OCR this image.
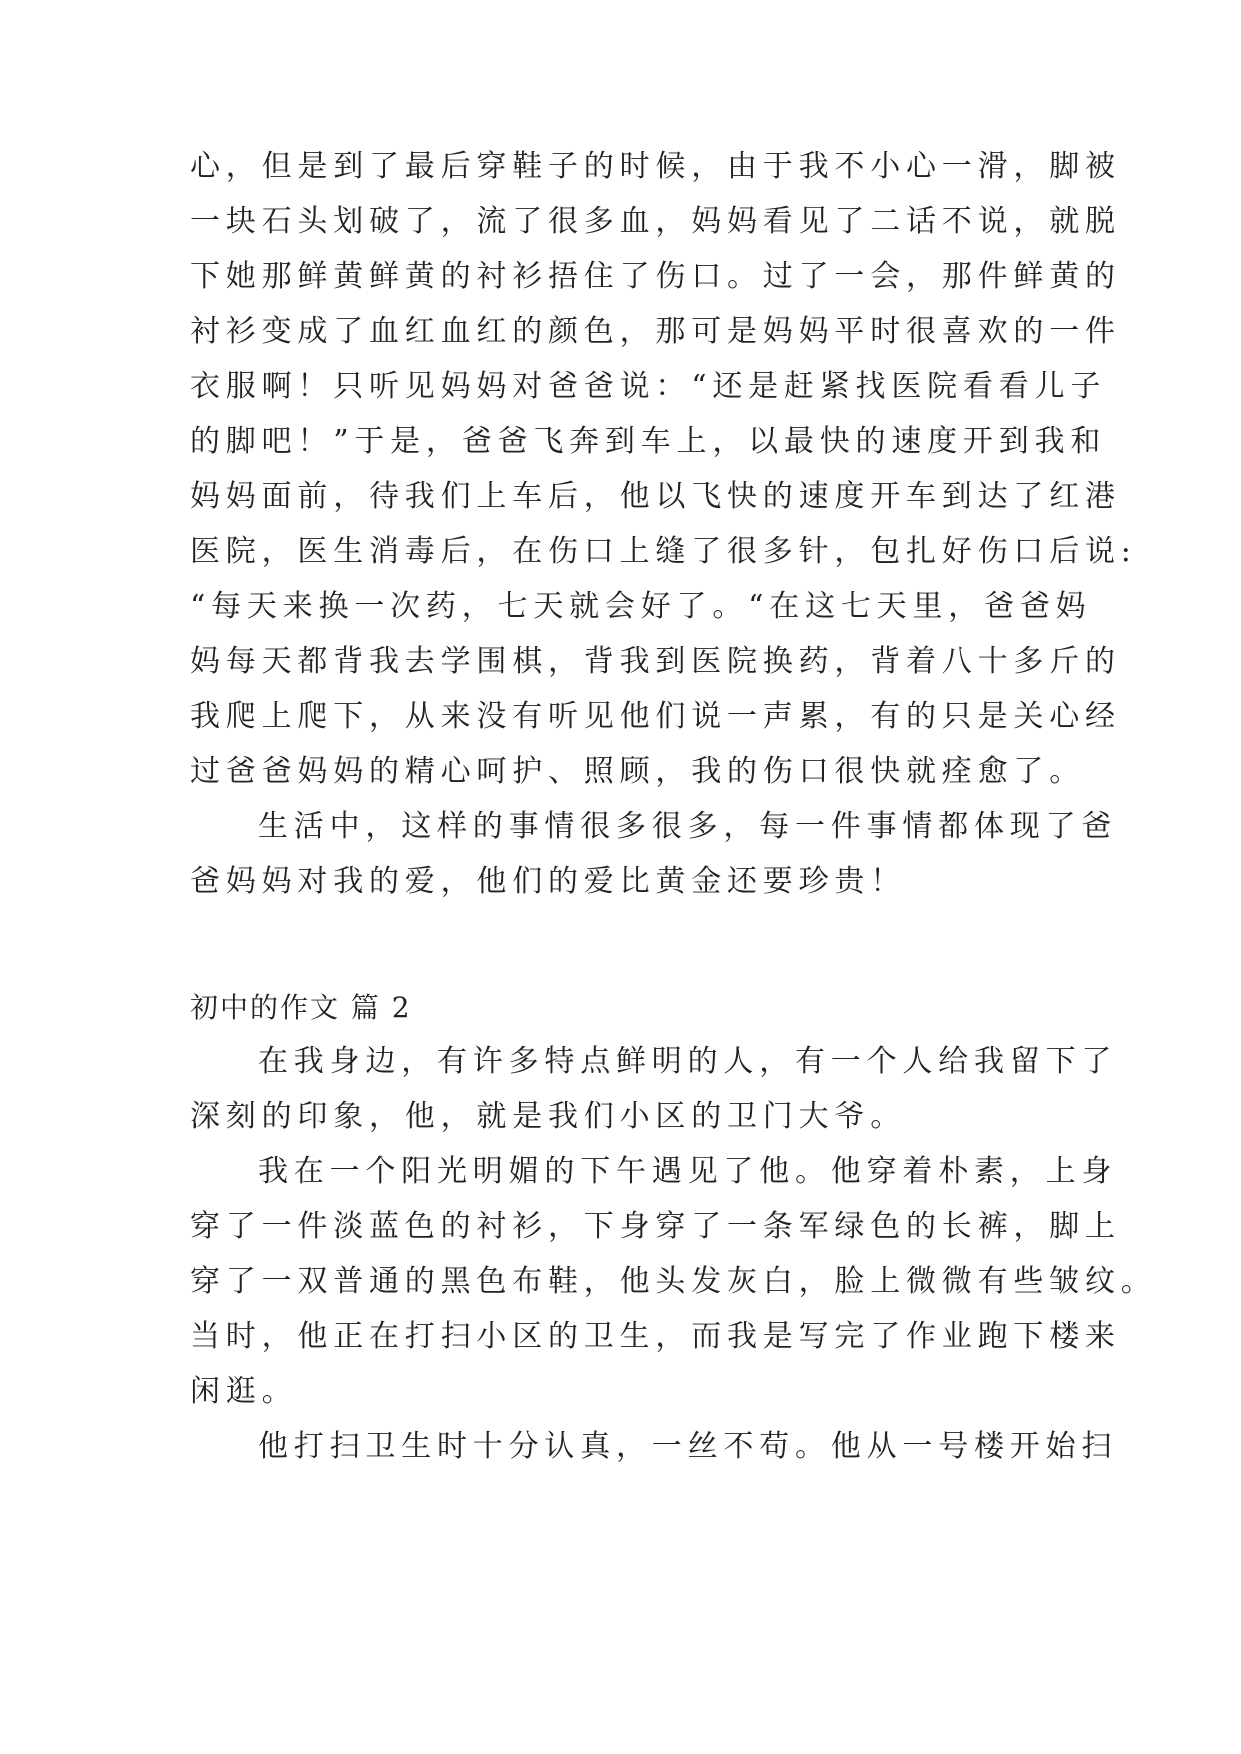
心，但是到了最后穿鞋子的时候，由于我不小心一滑，脚被
一块石头划破了，流了很多血，妈妈看见了二话不说，就脱
下她那鲜黄鲜黄的衬衫捂住了伤口。过了一会，那件鲜黄的
衬衫变成了血红血红的颜色，那可是妈妈平时很喜欢的一件
衣服啊！只听见妈妈对爸爸说：“还是赶紧找医院看看儿子
的脚吧！”于是，爸爸飞奔到车上，以最快的速度开到我和
妈妈面前，待我们上车后，他以飞快的速度开车到达了红港
医院，医生消毒后，在伤口上缝了很多针，包扎好伤口后说:
“每天来换一次药，七天就会好了。“在这七天里，爸爸妈
妈每天都背我去学围棋，背我到医院换药，背着八十多斤的
我爬上爬下，从来没有听见他们说一声累，有的只是关心经
过爸爸妈妈的精心呵护、照顾，我的伤口很快就痊愈了。
生活中，这样的事情很多很多，每一件事情都体现了爸
爸妈妈对我的爱，他们的爱比黄金还要珍贵！
初中的作文 篇 2
在我身边，有许多特点鲜明的人，有一个人给我留下了
深刻的印象，他，就是我们小区的卫门大爷。
我在一个阳光明媚的下午遇见了他。他穿着朴素，上身
穿了一件淡蓝色的衬衫，下身穿了一条军绿色的长裤，脚上
穿了一双普通的黑色布鞋，他头发灰白，脸上微微有些皱纹。
当时，他正在打扫小区的卫生，而我是写完了作业跑下楼来
闲逛。
他打扫卫生时十分认真，一丝不苟。他从一号楼开始扫
